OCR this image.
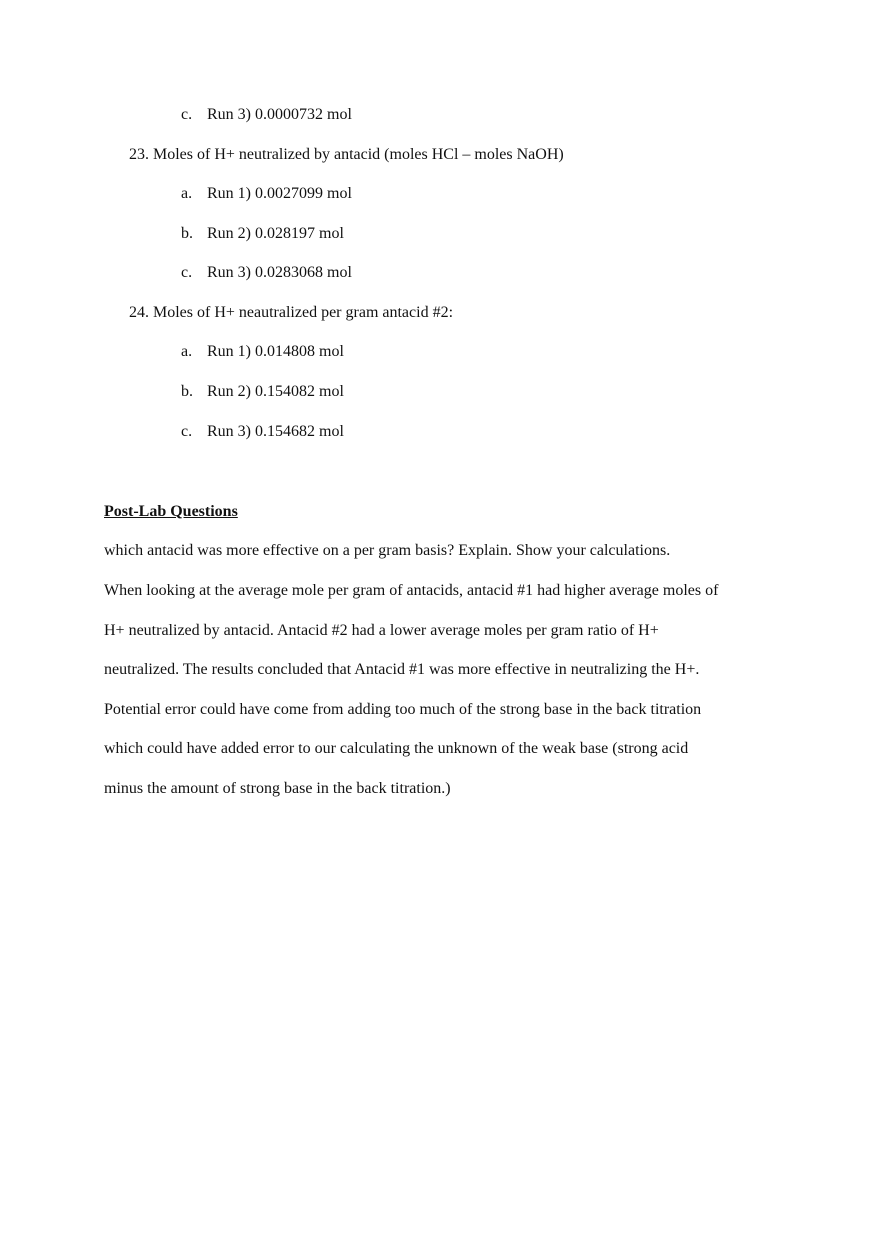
c. Run 3) 0.0000732 mol
23. Moles of H+ neutralized by antacid (moles HCl – moles NaOH)
a. Run 1) 0.0027099 mol
b. Run 2) 0.028197 mol
c. Run 3) 0.0283068 mol
24. Moles of H+ neautralized per gram antacid #2:
a. Run 1) 0.014808 mol
b. Run 2) 0.154082 mol
c. Run 3) 0.154682 mol
Post-Lab Questions
which antacid was more effective on a per gram basis? Explain. Show your calculations.
When looking at the average mole per gram of antacids, antacid #1 had higher average moles of
H+ neutralized by antacid. Antacid #2 had a lower average moles per gram ratio of H+
neutralized. The results concluded that Antacid #1 was more effective in neutralizing the H+.
Potential error could have come from adding too much of the strong base in the back titration
which could have added error to our calculating the unknown of the weak base (strong acid
minus the amount of strong base in the back titration.)
